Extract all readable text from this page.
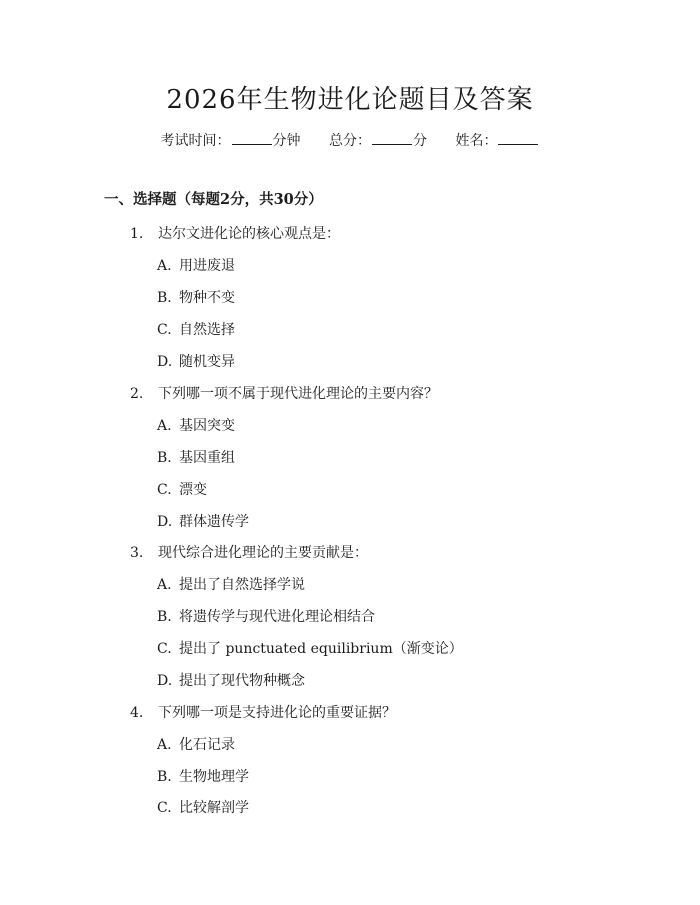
2026年生物进化论题目及答案
考试时间：	分钟 总分：	分 姓名：
一、选择题（每题2分，共30分）
1. 达尔文进化论的核心观点是：
A. 用进废退
B. 物种不变
C. 自然选择
D. 随机变异
2. 下列哪一项不属于现代进化理论的主要内容？
A. 基因突变
B. 基因重组
C. 漂变
D. 群体遗传学
3. 现代综合进化理论的主要贡献是：
A. 提出了自然选择学说
B. 将遗传学与现代进化理论相结合
C. 提出了 punctuated equilibrium（渐变论）
D. 提出了现代物种概念
4. 下列哪一项是支持进化论的重要证据？
A. 化石记录
B. 生物地理学
C. 比较解剖学
